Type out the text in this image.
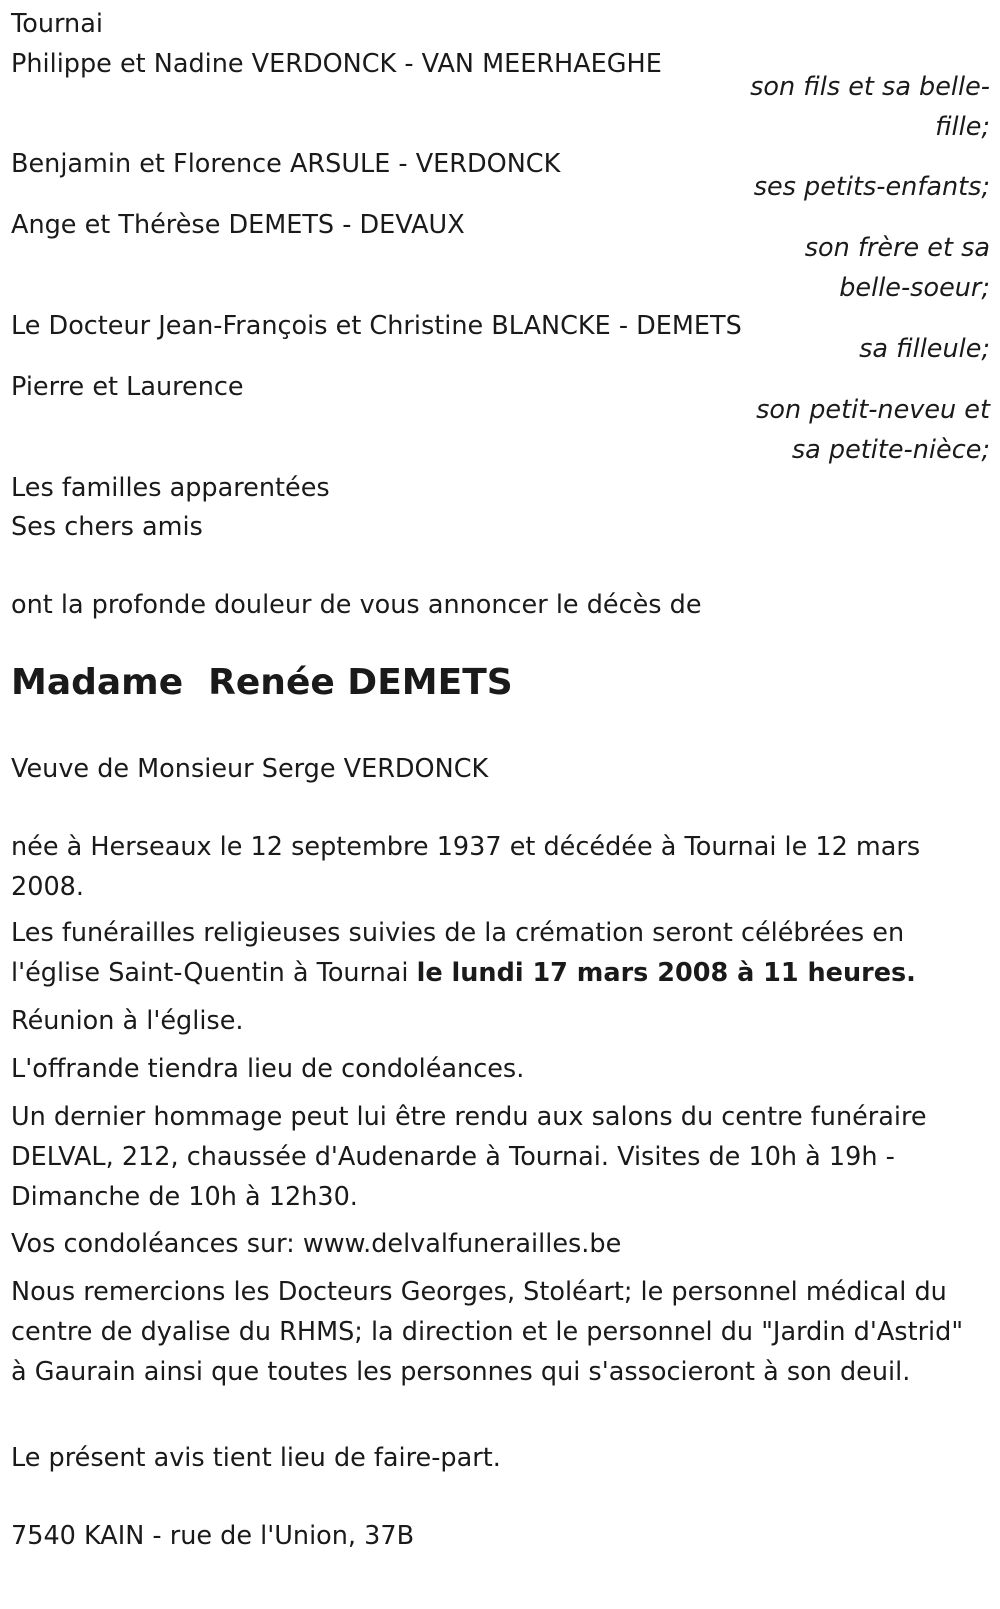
Tournai
Philippe et Nadine VERDONCK - VAN MEERHAEGHE
son fils et sa belle-
fille;
Benjamin et Florence ARSULE - VERDONCK
ses petits-enfants;
Ange et Thérèse DEMETS - DEVAUX
son frère et sa
belle-soeur;
Le Docteur Jean-François et Christine BLANCKE - DEMETS
sa filleule;
Pierre et Laurence
son petit-neveu et
sa petite-nièce;
Les familles apparentées
Ses chers amis
ont la profonde douleur de vous annoncer le décès de
Madame  Renée DEMETS
Veuve de Monsieur Serge VERDONCK
née à Herseaux le 12 septembre 1937 et décédée à Tournai le 12 mars 2008.
Les funérailles religieuses suivies de la crémation seront célébrées en l'église Saint-Quentin à Tournai le lundi 17 mars 2008 à 11 heures.
Réunion à l'église.
L'offrande tiendra lieu de condoléances.
Un dernier hommage peut lui être rendu aux salons du centre funéraire DELVAL, 212, chaussée d'Audenarde à Tournai. Visites de 10h à 19h - Dimanche de 10h à 12h30.
Vos condoléances sur: www.delvalfunerailles.be
Nous remercions les Docteurs Georges, Stoléart; le personnel médical du centre de dyalise du RHMS; la direction et le personnel du "Jardin d'Astrid" à Gaurain ainsi que toutes les personnes qui s'associeront à son deuil.
Le présent avis tient lieu de faire-part.
7540 KAIN - rue de l'Union, 37B
